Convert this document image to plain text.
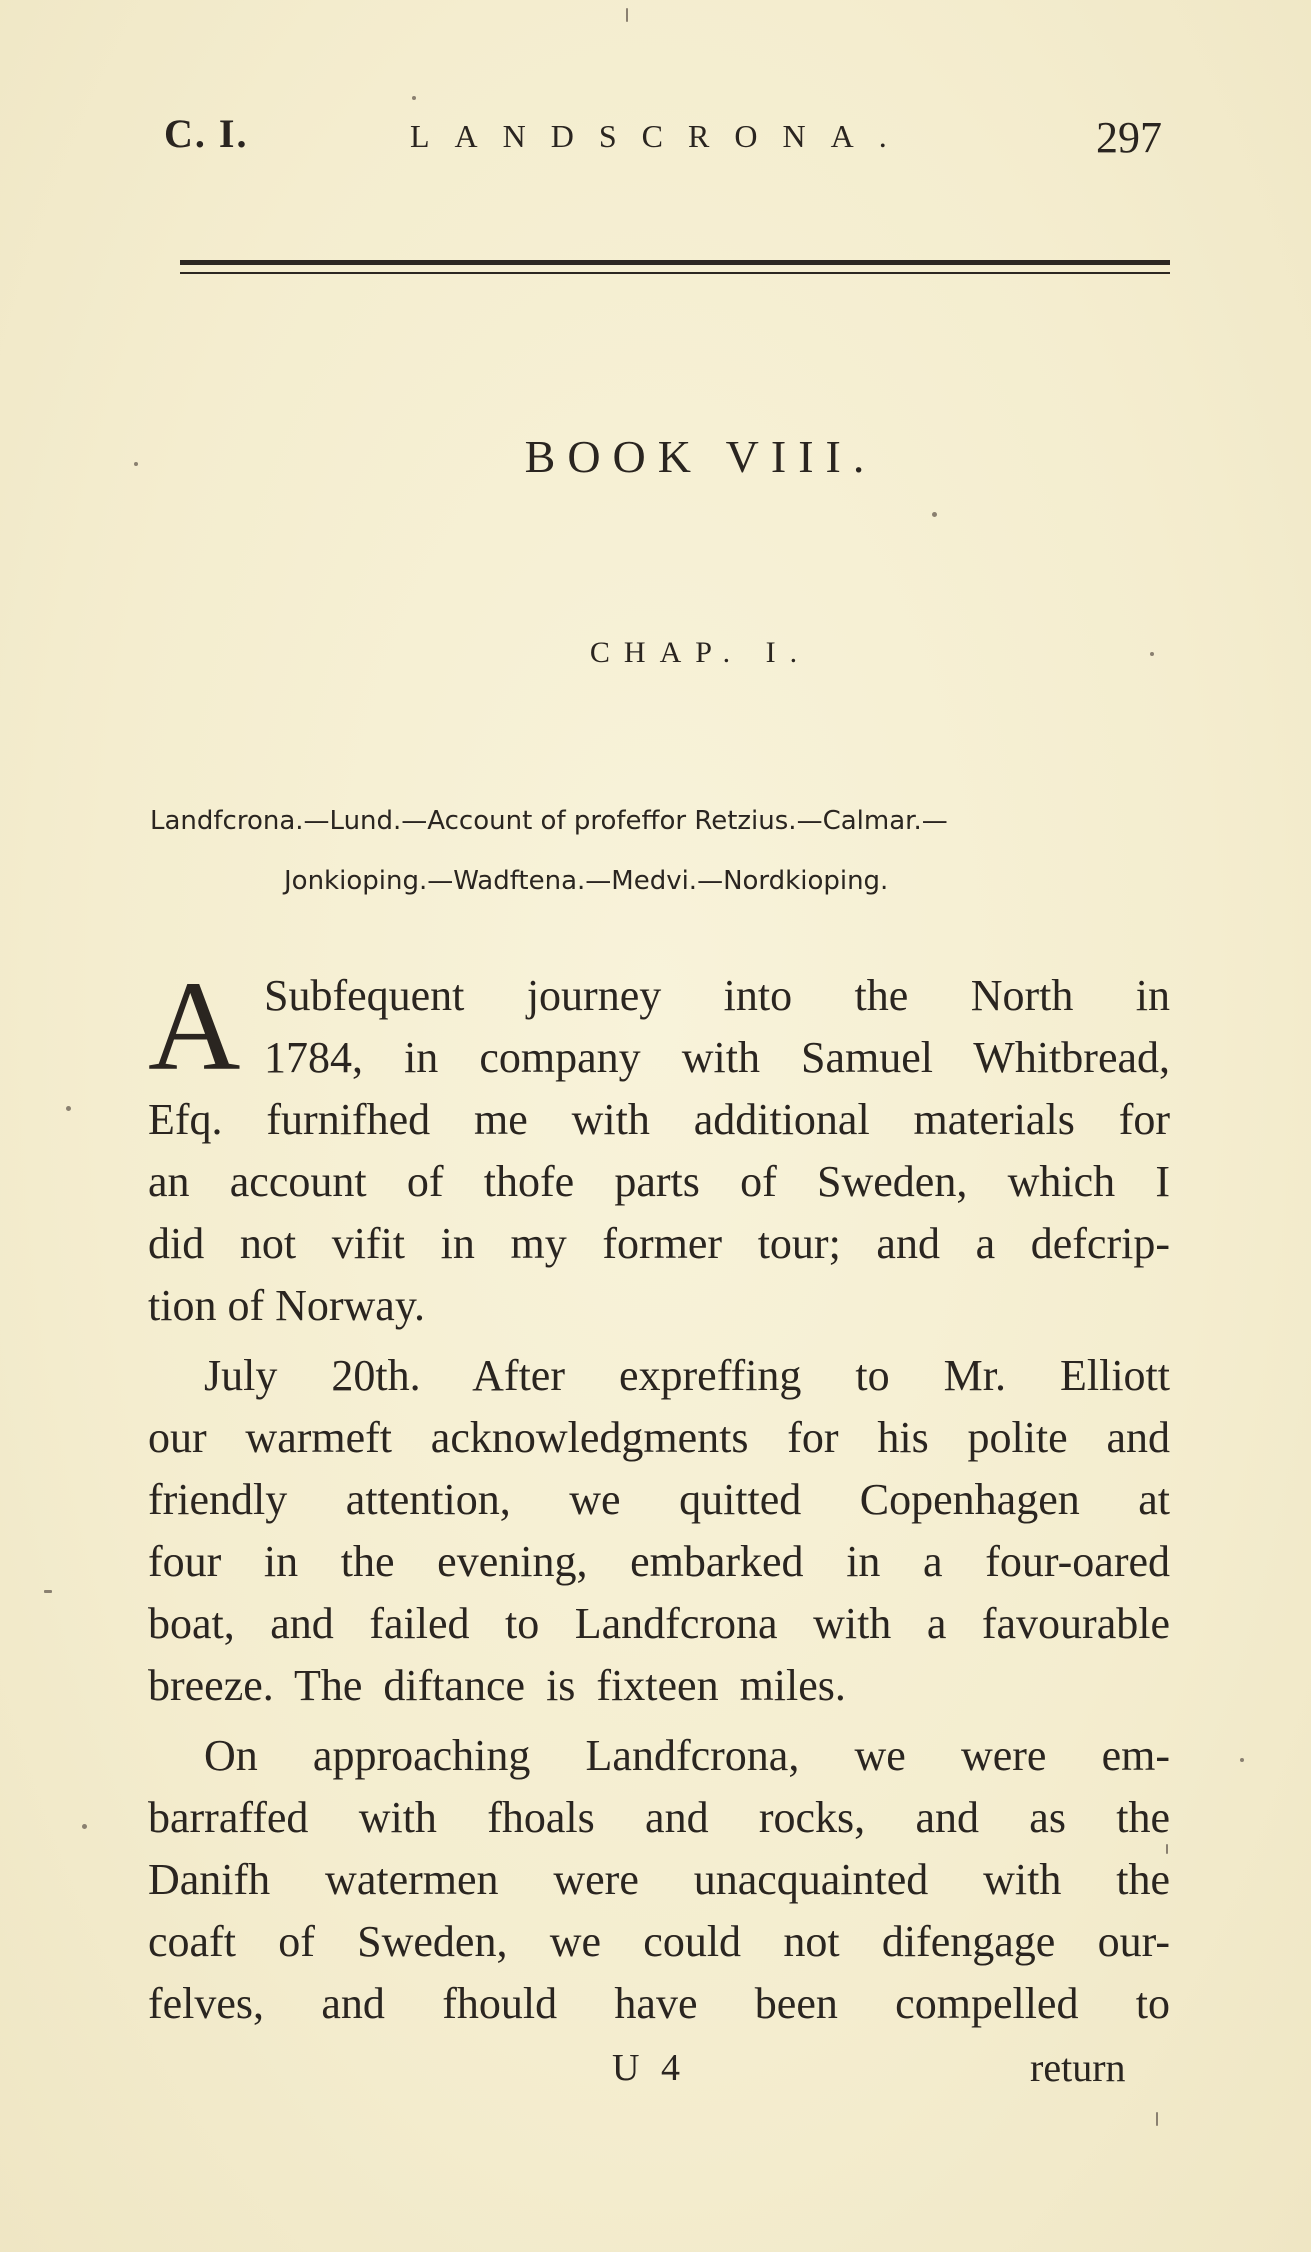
C. I.	LANDSCRONA.	297
BOOK VIII.
CHAP. I.
Landfcrona.—Lund.—Account of profeffor Retzius.—Calmar.—
Jonkioping.—Wadftena.—Medvi.—Nordkioping.
A Subfequent journey into the North in
1784, in company with Samuel Whitbread,
Efq. furnifhed me with additional materials for
an account of thofe parts of Sweden, which I
did not vifit in my former tour; and a defcrip-
tion of Norway.
July 20th. After expreffing to Mr. Elliott
our warmeft acknowledgments for his polite and
friendly attention, we quitted Copenhagen at
four in the evening, embarked in a four-oared
boat, and failed to Landfcrona with a favourable
breeze. The diftance is fixteen miles.
On approaching Landfcrona, we were em-
barraffed with fhoals and rocks, and as the
Danifh watermen were unacquainted with the
coaft of Sweden, we could not difengage our-
felves, and fhould have been compelled to
U 4	return
